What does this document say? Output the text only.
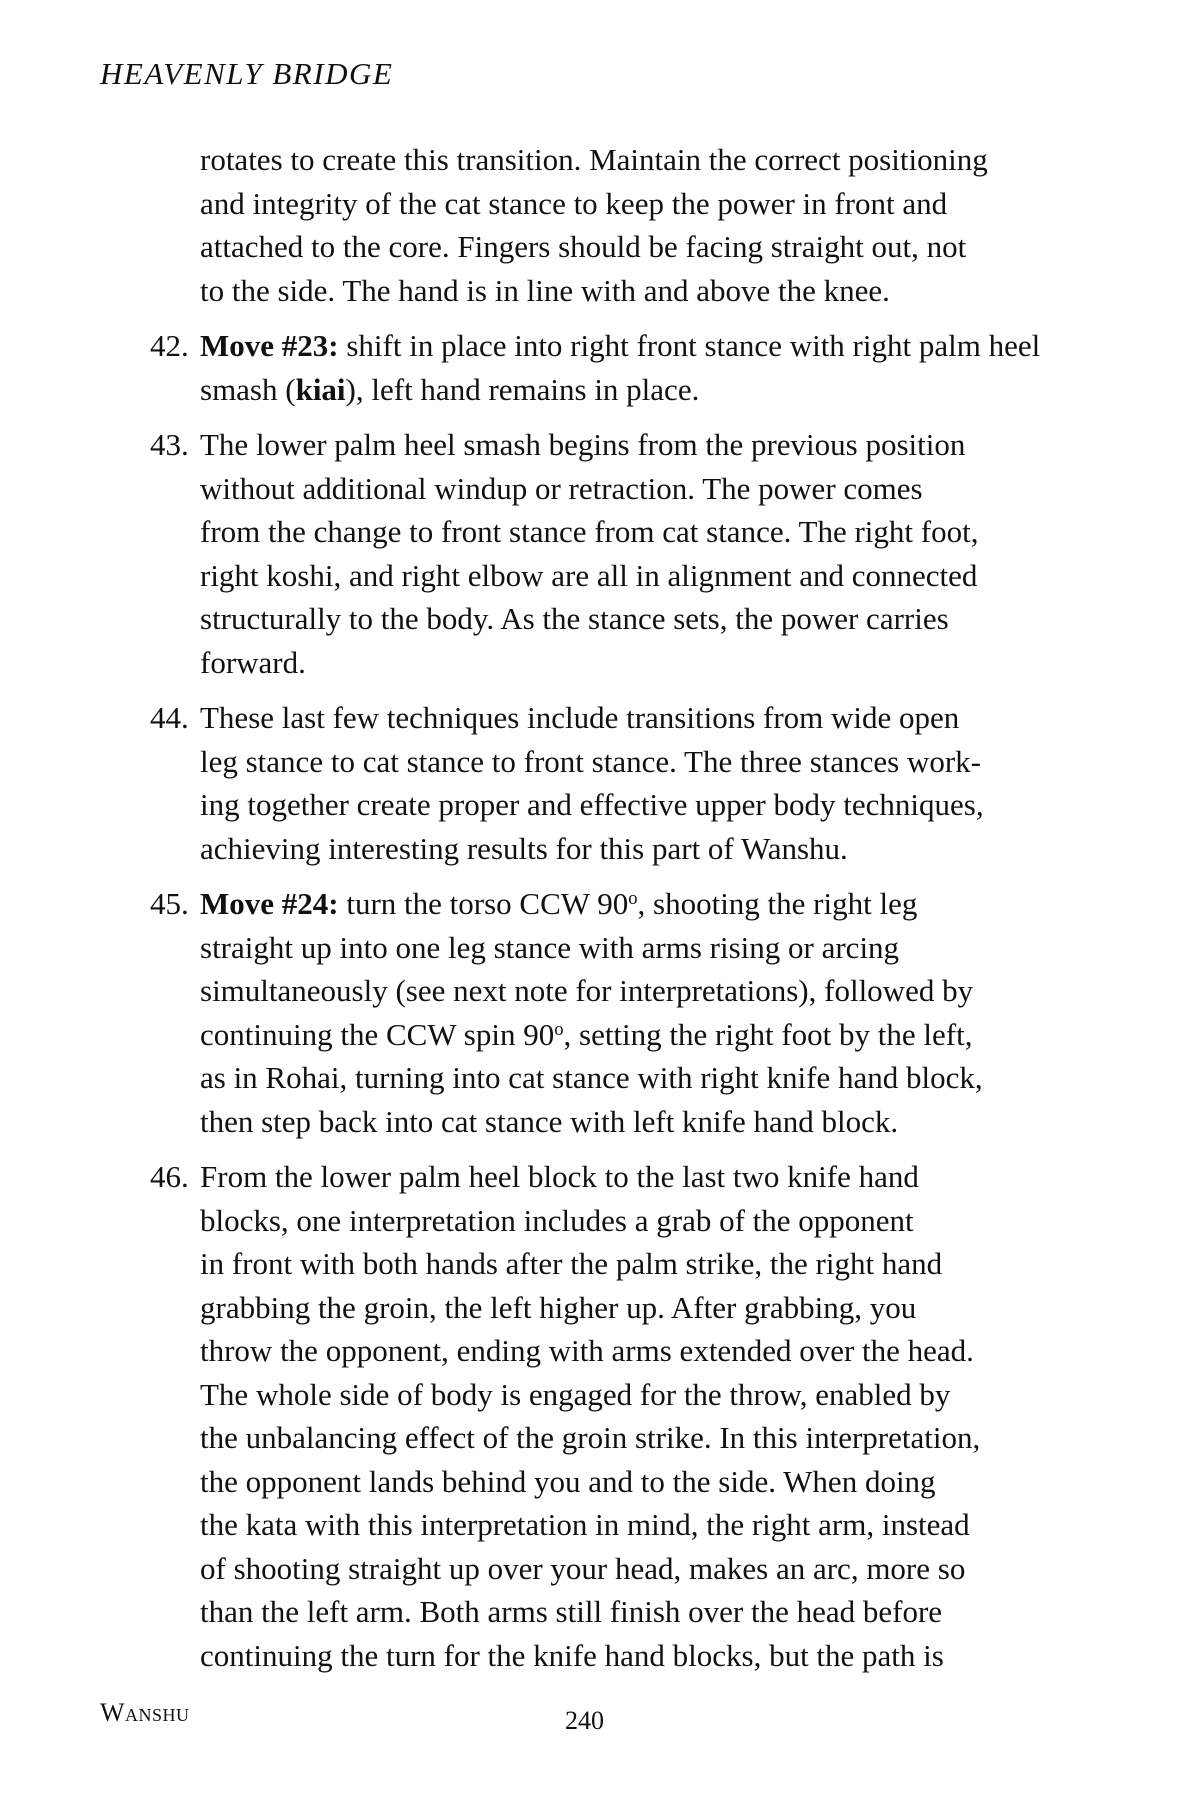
HEAVENLY BRIDGE
rotates to create this transition. Maintain the correct positioning
and integrity of the cat stance to keep the power in front and
attached to the core. Fingers should be facing straight out, not
to the side. The hand is in line with and above the knee.
42. Move #23: shift in place into right front stance with right palm heel smash (kiai), left hand remains in place.
43. The lower palm heel smash begins from the previous position
without additional windup or retraction. The power comes
from the change to front stance from cat stance. The right foot,
right koshi, and right elbow are all in alignment and connected
structurally to the body. As the stance sets, the power carries
forward.
44. These last few techniques include transitions from wide open
leg stance to cat stance to front stance. The three stances work-
ing together create proper and effective upper body techniques,
achieving interesting results for this part of Wanshu.
45. Move #24: turn the torso CCW 90$^o$, shooting the right leg
straight up into one leg stance with arms rising or arcing
simultaneously (see next note for interpretations), followed by
continuing the CCW spin 90$^o$, setting the right foot by the left,
as in Rohai, turning into cat stance with right knife hand block,
then step back into cat stance with left knife hand block.
46. From the lower palm heel block to the last two knife hand
blocks, one interpretation includes a grab of the opponent
in front with both hands after the palm strike, the right hand
grabbing the groin, the left higher up. After grabbing, you
throw the opponent, ending with arms extended over the head.
The whole side of body is engaged for the throw, enabled by
the unbalancing effect of the groin strike. In this interpretation,
the opponent lands behind you and to the side. When doing
the kata with this interpretation in mind, the right arm, instead
of shooting straight up over your head, makes an arc, more so
than the left arm. Both arms still finish over the head before
continuing the turn for the knife hand blocks, but the path is
Wanshu	240
